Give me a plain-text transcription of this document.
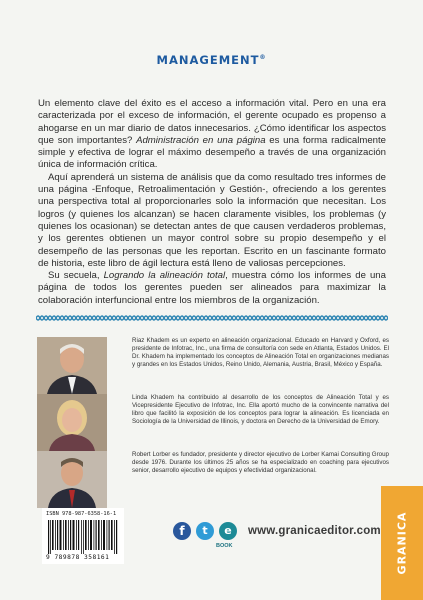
MANAGEMENT®

Un elemento clave del éxito es el acceso a información vital. Pero en una era caracterizada por el exceso de información, el gerente ocupado es propenso a ahogarse en un mar diario de datos innecesarios. ¿Cómo identificar los aspectos que son importantes? Administración en una página es una forma radicalmente simple y efectiva de lograr el máximo desempeño a través de una organización única de información crítica.

Aquí aprenderá un sistema de análisis que da como resultado tres informes de una página -Enfoque, Retroalimentación y Gestión-, ofreciendo a los gerentes una perspectiva total al proporcionarles solo la información que necesitan. Los logros (y quienes los alcanzan) se hacen claramente visibles, los problemas (y quienes los ocasionan) se detectan antes de que causen verdaderos problemas, y los gerentes obtienen un mayor control sobre su propio desempeño y el desempeño de las personas que les reportan. Escrito en un fascinante formato de historia, este libro de ágil lectura está lleno de valiosas percepciones.

Su secuela, Logrando la alineación total, muestra cómo los informes de una página de todos los gerentes pueden ser alineados para maximizar la colaboración interfuncional entre los miembros de la organización.

Riaz Khadem es un experto en alineación organizacional. Educado en Harvard y Oxford, es presidente de Infotrac, Inc., una firma de consultoría con sede en Atlanta, Estados Unidos. El Dr. Khadem ha implementado los conceptos de Alineación Total en organizaciones medianas y grandes en los Estados Unidos, Reino Unido, Alemania, Austria, Brasil, México y España.
Linda Khadem ha contribuido al desarrollo de los conceptos de Alineación Total y es Vicepresidente Ejecutivo de Infotrac, Inc. Ella aportó mucho de la convincente narrativa del libro que facilitó la exposición de los conceptos para lograr la alineación. Es licenciada en Sociología de la Universidad de Illinois, y doctora en Derecho de la Universidad de Emory.
Robert Lorber es fundador, presidente y director ejecutivo de Lorber Kamai Consulting Group desde 1976. Durante los últimos 25 años se ha especializado en coaching para ejecutivos senior, desarrollo ejecutivo de equipos y efectividad organizacional.
ISBN 978-987-6358-16-1
9 789878 358161
f	t	e
BOOK
www.granicaeditor.com GRANICA
